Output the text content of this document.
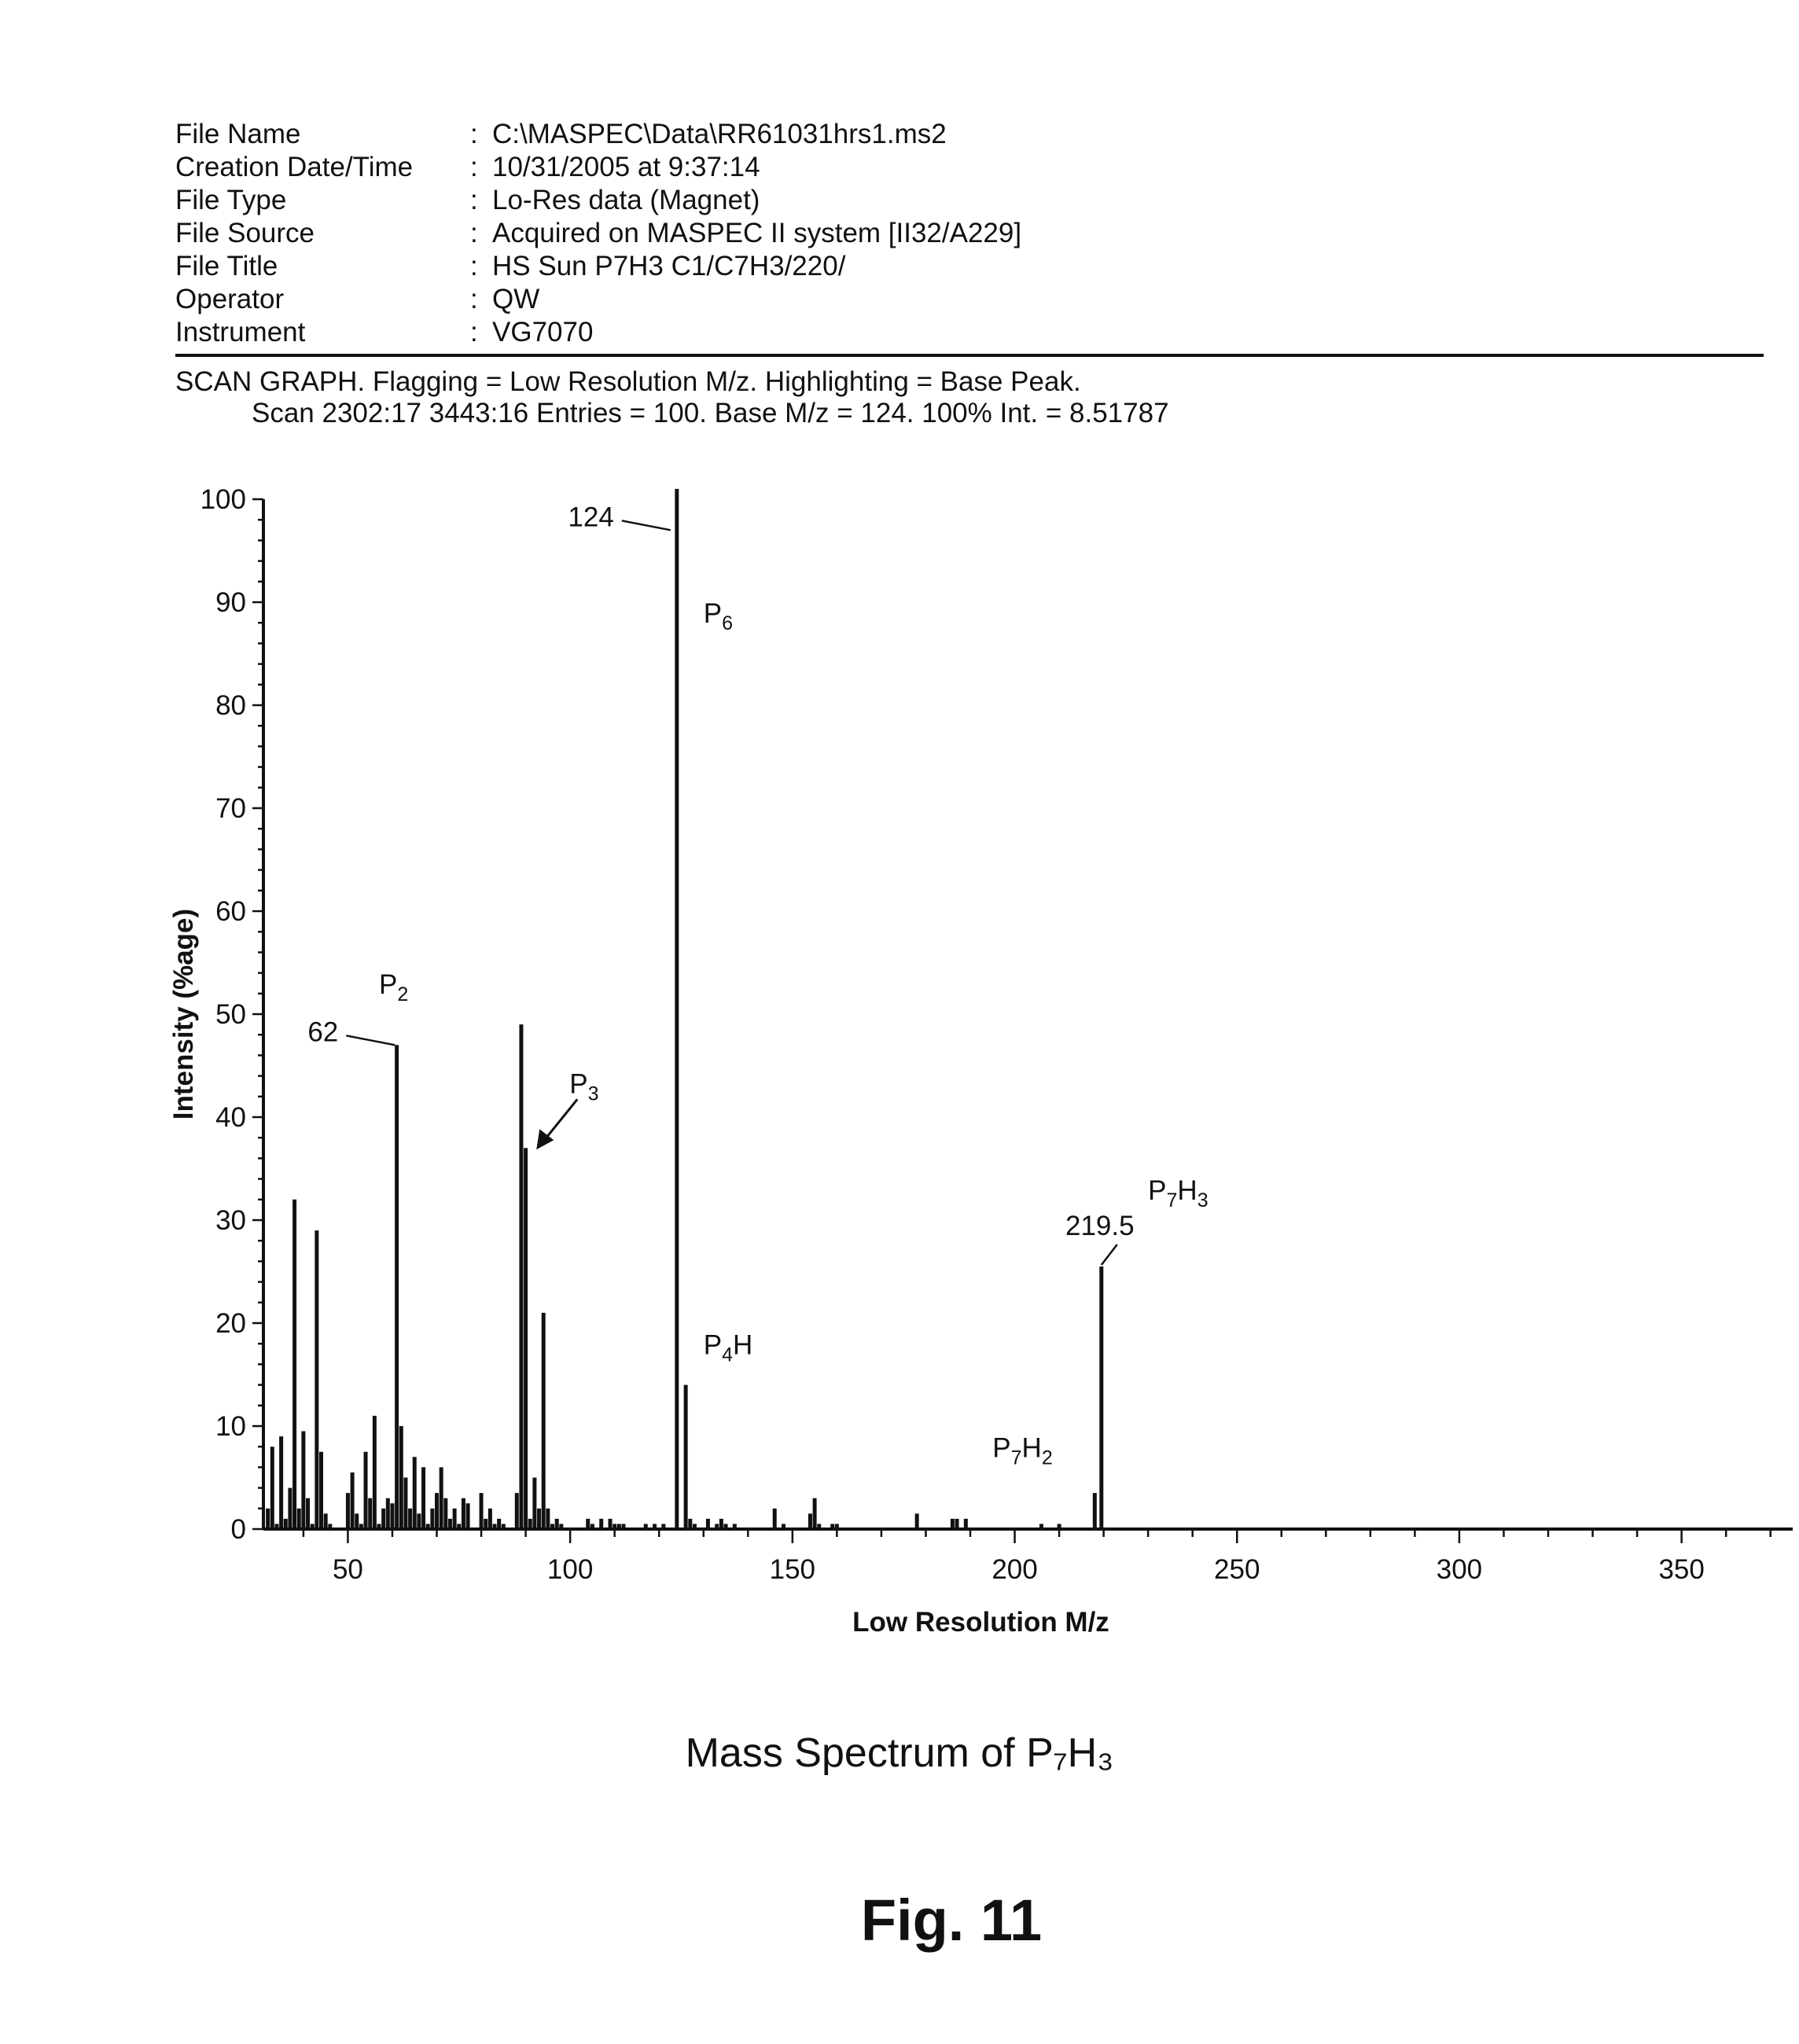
File Name	: C:\MASPEC\Data\RR61031hrs1.ms2
Creation Date/Time	: 10/31/2005 at 9:37:14
File Type	: Lo-Res data (Magnet)
File Source	: Acquired on MASPEC II system [II32/A229]
File Title	: HS Sun P7H3 C1/C7H3/220/
Operator	: QW
Instrument	: VG7070
SCAN GRAPH. Flagging = Low Resolution M/z. Highlighting = Base Peak.
Scan 2302:17 3443:16 Entries = 100. Base M/z = 124. 100% Int. = 8.51787
0
10
20
30
40
50
60
70
80
90
100
50	100	150	200	250	300	350
Low Resolution M/z
Intensity (%age)
124
$P_6$
62
$P_2$
$P_3$
$P_4H$
219.5
$P_7H_3$
$P_7H_2$
Mass Spectrum of P₇H₃
Fig. 11
